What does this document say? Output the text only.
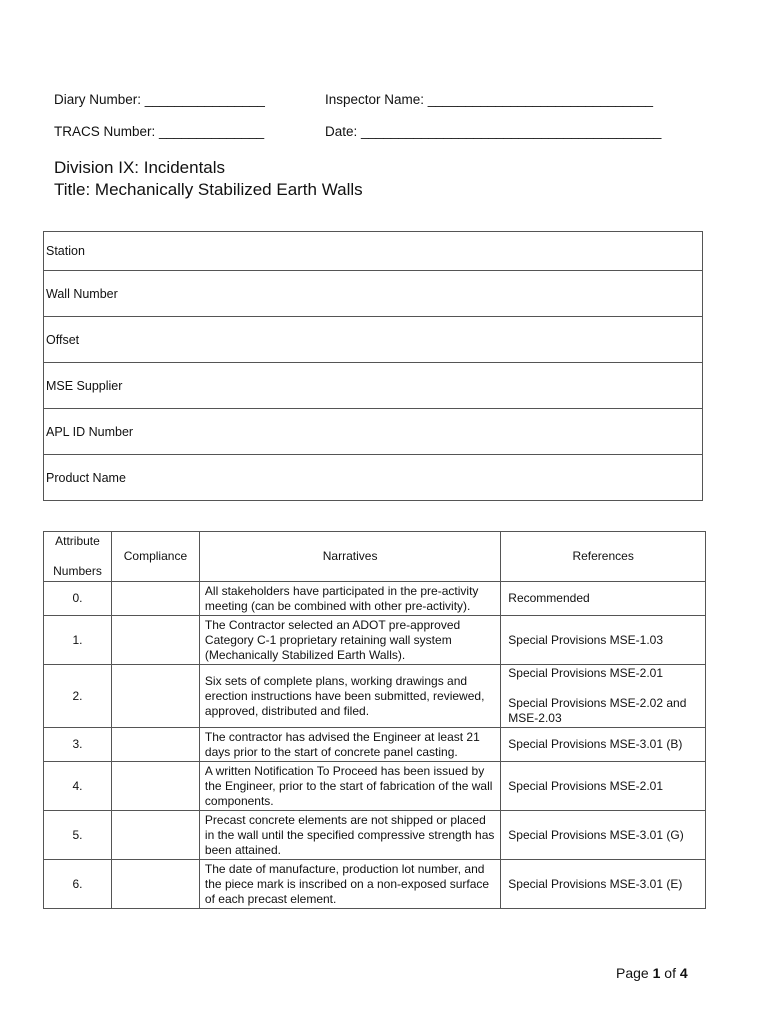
Diary Number: ________________	Inspector Name: ______________________________
TRACS Number: ______________	Date: ________________________________________
Division IX: Incidentals
Title: Mechanically Stabilized Earth Walls
Station
Wall Number
Offset
MSE Supplier
APL ID Number
Product Name
Attribute

Numbers	Compliance	Narratives	References
0.		All stakeholders have participated in the pre-activity meeting (can be combined with other pre-activity).	Recommended

1.		The Contractor selected an ADOT pre-approved Category C-1 proprietary retaining wall system (Mechanically Stabilized Earth Walls).	Special Provisions MSE-1.03

2.		Six sets of complete plans, working drawings and erection instructions have been submitted, reviewed, approved, distributed and filed.	Special Provisions MSE-2.01

Special Provisions MSE-2.02 and MSE-2.03

3.		The contractor has advised the Engineer at least 21 days prior to the start of concrete panel casting.	Special Provisions MSE-3.01 (B)

4.		A written Notification To Proceed has been issued by the Engineer, prior to the start of fabrication of the wall components.	Special Provisions MSE-2.01

5.		Precast concrete elements are not shipped or placed in the wall until the specified compressive strength has been attained.	Special Provisions MSE-3.01 (G)

6.		The date of manufacture, production lot number, and the piece mark is inscribed on a non-exposed surface of each precast element.	Special Provisions MSE-3.01 (E)

Page 1 of 4
